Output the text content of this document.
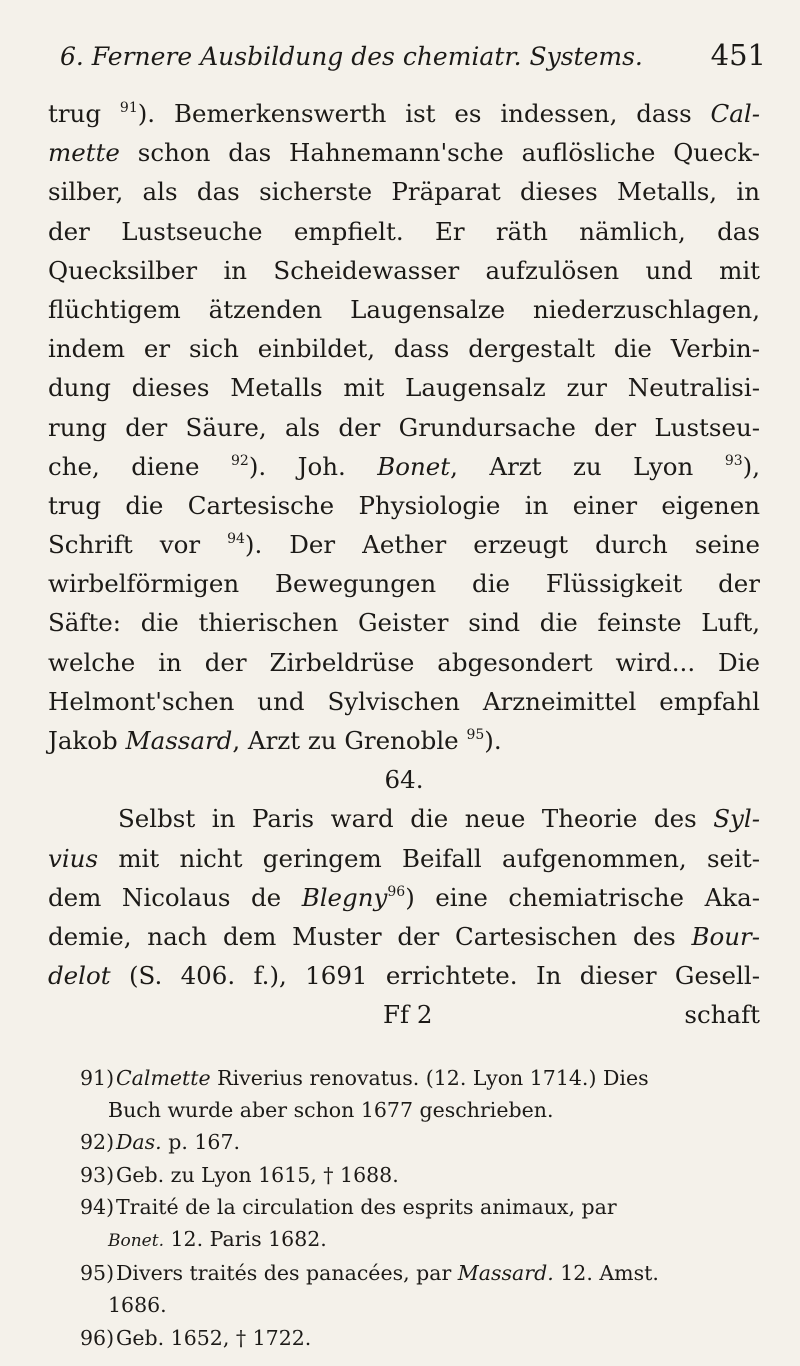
6. Fernere Ausbildung des chemiatr. Systems. 451
trug $^{91}$). Bemerkenswerth ist es indessen, dass Cal-
mette schon das Hahnemann'sche auflösliche Queck-
silber, als das sicherste Präparat dieses Metalls, in
der Lustseuche empfielt. Er räth nämlich, das
Quecksilber in Scheidewasser aufzulösen und mit
flüchtigem ätzenden Laugensalze niederzuschlagen,
indem er sich einbildet, dass dergestalt die Verbin-
dung dieses Metalls mit Laugensalz zur Neutralisi-
rung der Säure, als der Grundursache der Lustseu-
che, diene $^{92}$). Joh. Bonet, Arzt zu Lyon $^{93}$),
trug die Cartesische Physiologie in einer eigenen
Schrift vor $^{94}$). Der Aether erzeugt durch seine
wirbelförmigen Bewegungen die Flüssigkeit der
Säfte: die thierischen Geister sind die feinste Luft,
welche in der Zirbeldrüse abgesondert wird... Die
Helmont'schen und Sylvischen Arzneimittel empfahl
Jakob Massard, Arzt zu Grenoble $^{95}$).
64.
Selbst in Paris ward die neue Theorie des Syl-
vius mit nicht geringem Beifall aufgenommen, seit-
dem Nicolaus de Blegny$^{96}$) eine chemiatrische Aka-
demie, nach dem Muster der Cartesischen des Bour-
delot (S. 406. f.), 1691 errichtete. In dieser Gesell-
Ff 2	schaft
91)Calmette Riverius renovatus. (12. Lyon 1714.) Dies
Buch wurde aber schon 1677 geschrieben.
92)Das. p. 167.
93)Geb. zu Lyon 1615, † 1688.
94)Traité de la circulation des esprits animaux, par
Bonet. 12. Paris 1682.
95)Divers traités des panacées, par Massard. 12. Amst.
1686.
96)Geb. 1652, † 1722.
